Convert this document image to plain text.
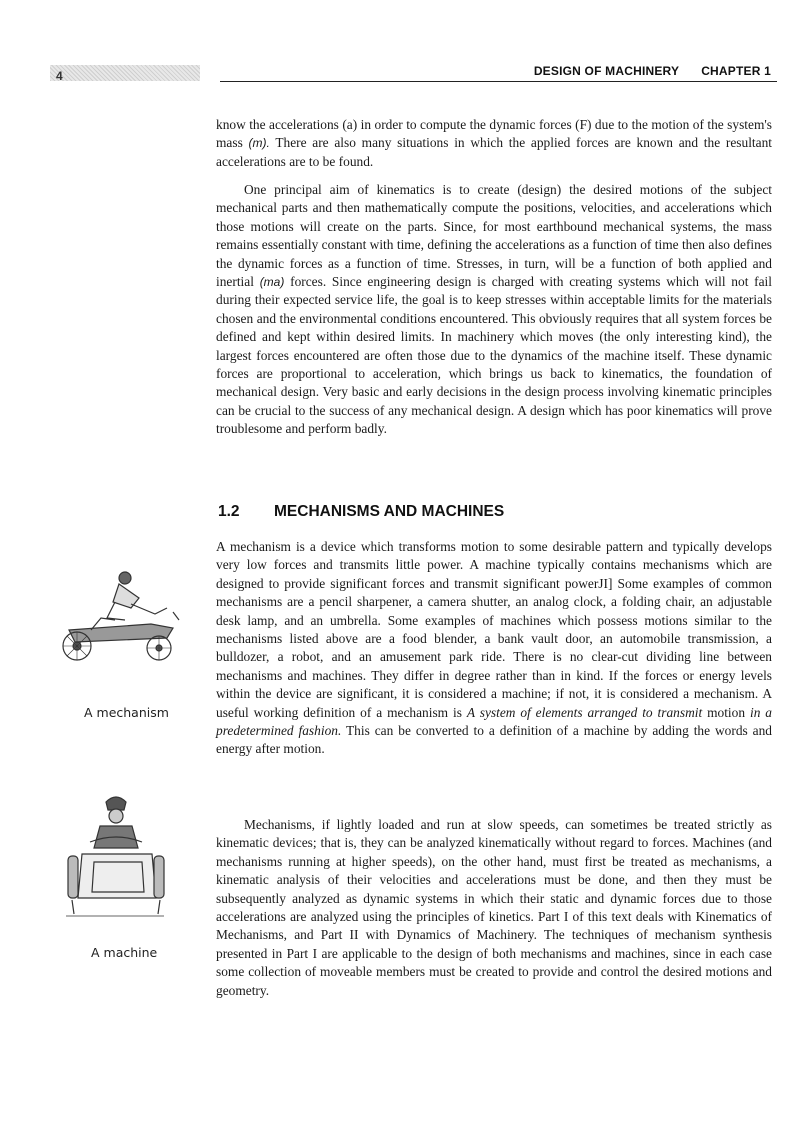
4	DESIGN OF MACHINERY CHAPTER 1

know the accelerations (a) in order to compute the dynamic forces (F) due to the motion of the system's mass (m). There are also many situations in which the applied forces are known and the resultant accelerations are to be found.

One principal aim of kinematics is to create (design) the desired motions of the subject mechanical parts and then mathematically compute the positions, velocities, and accelerations which those motions will create on the parts. Since, for most earthbound mechanical systems, the mass remains essentially constant with time, defining the accelerations as a function of time then also defines the dynamic forces as a function of time. Stresses, in turn, will be a function of both applied and inertial (ma) forces. Since engineering design is charged with creating systems which will not fail during their expected service life, the goal is to keep stresses within acceptable limits for the materials chosen and the environmental conditions encountered. This obviously requires that all system forces be defined and kept within desired limits. In machinery which moves (the only interesting kind), the largest forces encountered are often those due to the dynamics of the machine itself. These dynamic forces are proportional to acceleration, which brings us back to kinematics, the foundation of mechanical design. Very basic and early decisions in the design process involving kinematic principles can be crucial to the success of any mechanical design. A design which has poor kinematics will prove troublesome and perform badly.

1.2 MECHANISMS AND MACHINES

A mechanism is a device which transforms motion to some desirable pattern and typically develops very low forces and transmits little power. A machine typically contains mechanisms which are designed to provide significant forces and transmit significant powerJI] Some examples of common mechanisms are a pencil sharpener, a camera shutter, an analog clock, a folding chair, an adjustable desk lamp, and an umbrella. Some examples of machines which possess motions similar to the mechanisms listed above are a food blender, a bank vault door, an automobile transmission, a bulldozer, a robot, and an amusement park ride. There is no clear-cut dividing line between mechanisms and machines. They differ in degree rather than in kind. If the forces or energy levels within the device are significant, it is considered a machine; if not, it is considered a mechanism. A useful working definition of a mechanism is A system of elements arranged to transmit motion in a predetermined fashion. This can be converted to a definition of a machine by adding the words and energy after motion.

Mechanisms, if lightly loaded and run at slow speeds, can sometimes be treated strictly as kinematic devices; that is, they can be analyzed kinematically without regard to forces. Machines (and mechanisms running at higher speeds), on the other hand, must first be treated as mechanisms, a kinematic analysis of their velocities and accelerations must be done, and then they must be subsequently analyzed as dynamic systems in which their static and dynamic forces due to those accelerations are analyzed using the principles of kinetics. Part I of this text deals with Kinematics of Mechanisms, and Part II with Dynamics of Machinery. The techniques of mechanism synthesis presented in Part I are applicable to the design of both mechanisms and machines, since in each case some collection of moveable members must be created to provide and control the desired motions and geometry.

A mechanism
A machine
